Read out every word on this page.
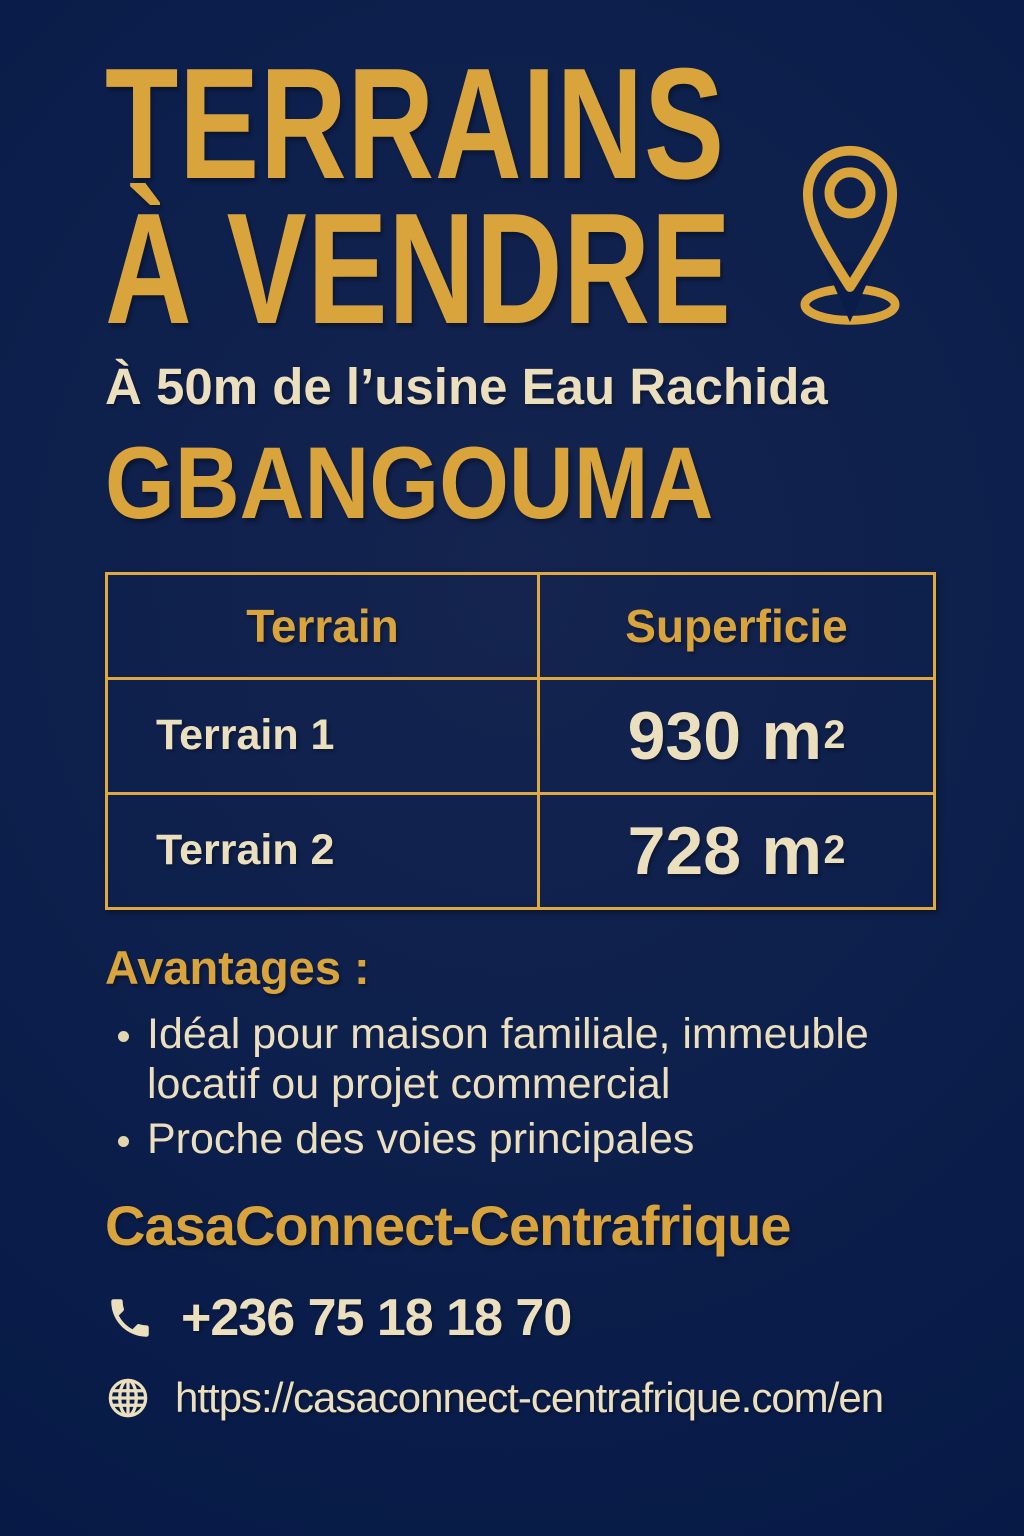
TERRAINS
À VENDRE

À 50m de l’usine Eau Rachida

GBANGOUMA
Terrain	Superficie
Terrain 1	930 m 2
Terrain 2	728 m 2
Avantages :
• Idéal pour maison familiale, immeuble locatif ou projet commercial
• Proche des voies principales
CasaConnect-Centrafrique
+236 75 18 18 70
https://casaconnect-centrafrique.com/en
